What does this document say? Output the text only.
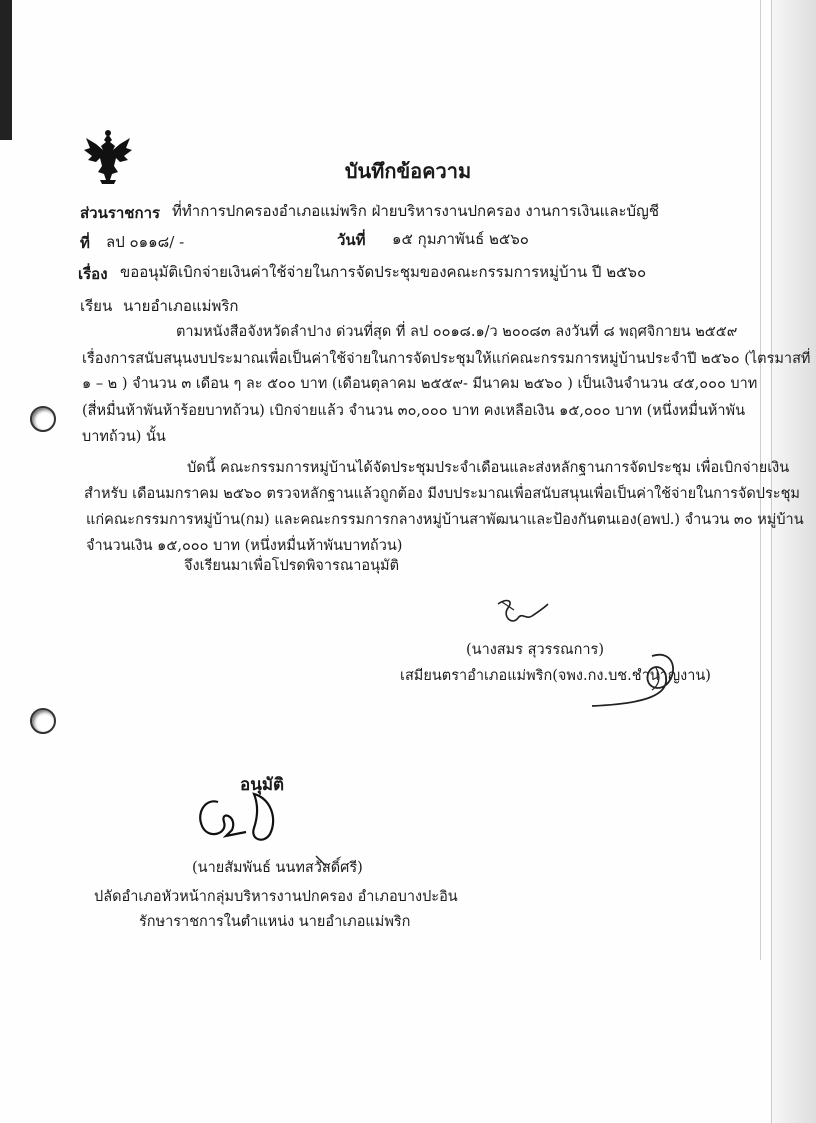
บันทึกข้อความ
ส่วนราชการ ที่ทำการปกครองอำเภอแม่พริก ฝ่ายบริหารงานปกครอง งานการเงินและบัญชี
ที่ ลป ๐๑๑๘/ -	วันที่ ๑๕ กุมภาพันธ์ ๒๕๖๐
เรื่อง ขออนุมัติเบิกจ่ายเงินค่าใช้จ่ายในการจัดประชุมของคณะกรรมการหมู่บ้าน ปี ๒๕๖๐
เรียน นายอำเภอแม่พริก
ตามหนังสือจังหวัดลำปาง ด่วนที่สุด ที่ ลป ๐๐๑๘.๑/ว ๒๐๐๘๓ ลงวันที่ ๘ พฤศจิกายน ๒๕๕๙
เรื่องการสนับสนุนงบประมาณเพื่อเป็นค่าใช้จ่ายในการจัดประชุมให้แก่คณะกรรมการหมู่บ้านประจำปี ๒๕๖๐ (ไตรมาสที่
๑ – ๒ ) จำนวน ๓ เดือน ๆ ละ ๕๐๐ บาท (เดือนตุลาคม ๒๕๕๙- มีนาคม ๒๕๖๐ ) เป็นเงินจำนวน ๔๕,๐๐๐ บาท
(สี่หมื่นห้าพันห้าร้อยบาทถ้วน) เบิกจ่ายแล้ว จำนวน ๓๐,๐๐๐ บาท คงเหลือเงิน ๑๕,๐๐๐ บาท (หนึ่งหมื่นห้าพัน
บาทถ้วน) นั้น
บัดนี้ คณะกรรมการหมู่บ้านได้จัดประชุมประจำเดือนและส่งหลักฐานการจัดประชุม เพื่อเบิกจ่ายเงิน
สำหรับ เดือนมกราคม ๒๕๖๐ ตรวจหลักฐานแล้วถูกต้อง มีงบประมาณเพื่อสนับสนุนเพื่อเป็นค่าใช้จ่ายในการจัดประชุม
แก่คณะกรรมการหมู่บ้าน(กม) และคณะกรรมการกลางหมู่บ้านสาพัฒนาและป้องกันตนเอง(อพป.) จำนวน ๓๐ หมู่บ้าน
จำนวนเงิน ๑๕,๐๐๐ บาท (หนึ่งหมื่นห้าพันบาทถ้วน)
จึงเรียนมาเพื่อโปรดพิจารณาอนุมัติ
(นางสมร สุวรรณการ)
เสมียนตราอำเภอแม่พริก(จพง.กง.บช.ชำนาญงาน)
อนุมัติ
(นายสัมพันธ์ นนทสวัสดิ์ศรี)
ปลัดอำเภอหัวหน้ากลุ่มบริหารงานปกครอง อำเภอบางปะอิน
รักษาราชการในตำแหน่ง นายอำเภอแม่พริก
